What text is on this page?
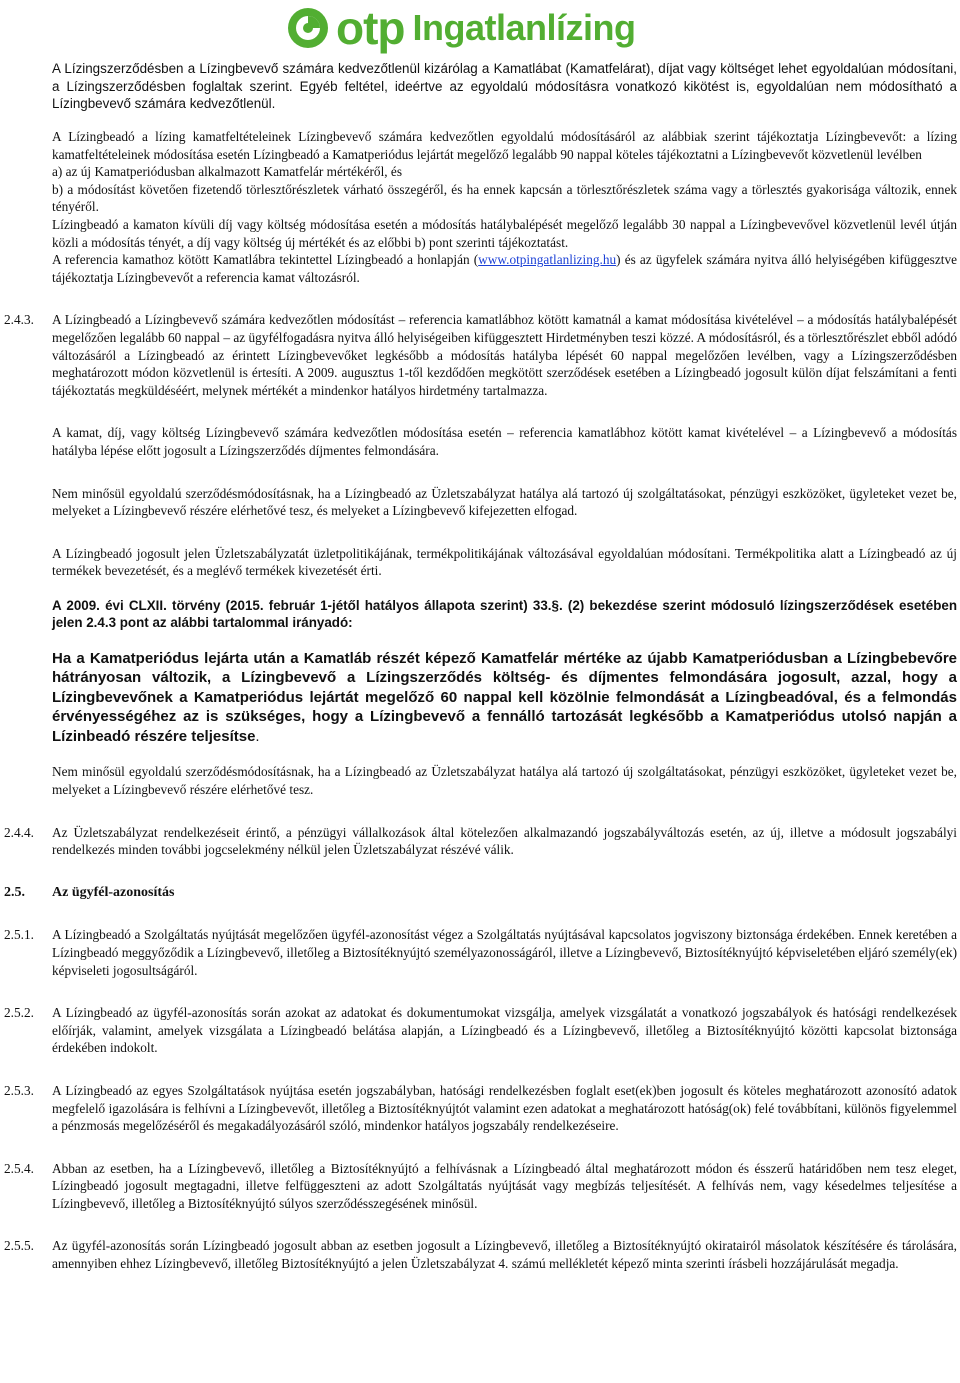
otp Ingatlanlízing

A Lízingszerződésben a Lízingbevevő számára kedvezőtlenül kizárólag a Kamatlábat (Kamatfelárat), díjat vagy költséget lehet egyoldalúan módosítani, a Lízingszerződésben foglaltak szerint. Egyéb feltétel, ideértve az egyoldalú módosításra vonatkozó kikötést is, egyoldalúan nem módosítható a Lízingbevevő számára kedvezőtlenül.

A Lízingbeadó a lízing kamatfeltételeinek Lízingbevevő számára kedvezőtlen egyoldalú módosításáról az alábbiak szerint tájékoztatja Lízingbevevőt: a lízing kamatfeltételeinek módosítása esetén Lízingbeadó a Kamatperiódus lejártát megelőző legalább 90 nappal köteles tájékoztatni a Lízingbevevőt közvetlenül levélben

a) az új Kamatperiódusban alkalmazott Kamatfelár mértékéről, és

b) a módosítást követően fizetendő törlesztőrészletek várható összegéről, és ha ennek kapcsán a törlesztőrészletek száma vagy a törlesztés gyakorisága változik, ennek tényéről.

Lízingbeadó a kamaton kívüli díj vagy költség módosítása esetén a módosítás hatálybalépését megelőző legalább 30 nappal a Lízingbevevővel közvetlenül levél útján közli a módosítás tényét, a díj vagy költség új mértékét és az előbbi b) pont szerinti tájékoztatást.

A referencia kamathoz kötött Kamatlábra tekintettel Lízingbeadó a honlapján (www.otpingatlanlizing.hu) és az ügyfelek számára nyitva álló helyiségében kifüggesztve tájékoztatja Lízingbevevőt a referencia kamat változásról.

2.4.3. A Lízingbeadó a Lízingbevevő számára kedvezőtlen módosítást – referencia kamatlábhoz kötött kamatnál a kamat módosítása kivételével – a módosítás hatálybalépését megelőzően legalább 60 nappal – az ügyfélfogadásra nyitva álló helyiségeiben kifüggesztett Hirdetményben teszi közzé. A módosításról, és a törlesztőrészlet ebből adódó változásáról a Lízingbeadó az érintett Lízingbevevőket legkésőbb a módosítás hatályba lépését 60 nappal megelőzően levélben, vagy a Lízingszerződésben meghatározott módon közvetlenül is értesíti. A 2009. augusztus 1-től kezdődően megkötött szerződések esetében a Lízingbeadó jogosult külön díjat felszámítani a fenti tájékoztatás megküldéséért, melynek mértékét a mindenkor hatályos hirdetmény tartalmazza.

A kamat, díj, vagy költség Lízingbevevő számára kedvezőtlen módosítása esetén – referencia kamatlábhoz kötött kamat kivételével – a Lízingbevevő a módosítás hatályba lépése előtt jogosult a Lízingszerződés díjmentes felmondására.

Nem minősül egyoldalú szerződésmódosításnak, ha a Lízingbeadó az Üzletszabályzat hatálya alá tartozó új szolgáltatásokat, pénzügyi eszközöket, ügyleteket vezet be, melyeket a Lízingbevevő részére elérhetővé tesz, és melyeket a Lízingbevevő kifejezetten elfogad.

A Lízingbeadó jogosult jelen Üzletszabályzatát üzletpolitikájának, termékpolitikájának változásával egyoldalúan módosítani. Termékpolitika alatt a Lízingbeadó az új termékek bevezetését, és a meglévő termékek kivezetését érti.

A 2009. évi CLXII. törvény (2015. február 1-jétől hatályos állapota szerint) 33.§. (2) bekezdése szerint módosuló lízingszerződések esetében jelen 2.4.3 pont az alábbi tartalommal irányadó:

Ha a Kamatperiódus lejárta után a Kamatláb részét képező Kamatfelár mértéke az újabb Kamatperiódusban a Lízingbebevőre hátrányosan változik, a Lízingbevevő a Lízingszerződés költség- és díjmentes felmondására jogosult, azzal, hogy a Lízingbevevőnek a Kamatperiódus lejártát megelőző 60 nappal kell közölnie felmondását a Lízingbeadóval, és a felmondás érvényességéhez az is szükséges, hogy a Lízingbevevő a fennálló tartozását legkésőbb a Kamatperiódus utolsó napján a Lízinbeadó részére teljesítse.

Nem minősül egyoldalú szerződésmódosításnak, ha a Lízingbeadó az Üzletszabályzat hatálya alá tartozó új szolgáltatásokat, pénzügyi eszközöket, ügyleteket vezet be, melyeket a Lízingbevevő részére elérhetővé tesz.

2.4.4. Az Üzletszabályzat rendelkezéseit érintő, a pénzügyi vállalkozások által kötelezően alkalmazandó jogszabályváltozás esetén, az új, illetve a módosult jogszabályi rendelkezés minden további jogcselekmény nélkül jelen Üzletszabályzat részévé válik.

2.5. Az ügyfél-azonosítás

2.5.1. A Lízingbeadó a Szolgáltatás nyújtását megelőzően ügyfél-azonosítást végez a Szolgáltatás nyújtásával kapcsolatos jogviszony biztonsága érdekében. Ennek keretében a Lízingbeadó meggyőződik a Lízingbevevő, illetőleg a Biztosítéknyújtó személyazonosságáról, illetve a Lízingbevevő, Biztosítéknyújtó képviseletében eljáró személy(ek) képviseleti jogosultságáról.

2.5.2. A Lízingbeadó az ügyfél-azonosítás során azokat az adatokat és dokumentumokat vizsgálja, amelyek vizsgálatát a vonatkozó jogszabályok és hatósági rendelkezések előírják, valamint, amelyek vizsgálata a Lízingbeadó belátása alapján, a Lízingbeadó és a Lízingbevevő, illetőleg a Biztosítéknyújtó közötti kapcsolat biztonsága érdekében indokolt.

2.5.3. A Lízingbeadó az egyes Szolgáltatások nyújtása esetén jogszabályban, hatósági rendelkezésben foglalt eset(ek)ben jogosult és köteles meghatározott azonosító adatok megfelelő igazolására is felhívni a Lízingbevevőt, illetőleg a Biztosítéknyújtót valamint ezen adatokat a meghatározott hatóság(ok) felé továbbítani, különös figyelemmel a pénzmosás megelőzéséről és megakadályozásáról szóló, mindenkor hatályos jogszabály rendelkezéseire.

2.5.4. Abban az esetben, ha a Lízingbevevő, illetőleg a Biztosítéknyújtó a felhívásnak a Lízingbeadó által meghatározott módon és ésszerű határidőben nem tesz eleget, Lízingbeadó jogosult megtagadni, illetve felfüggeszteni az adott Szolgáltatás nyújtását vagy megbízás teljesítését. A felhívás nem, vagy késedelmes teljesítése a Lízingbevevő, illetőleg a Biztosítéknyújtó súlyos szerződésszegésének minősül.

2.5.5. Az ügyfél-azonosítás során Lízingbeadó jogosult abban az esetben jogosult a Lízingbevevő, illetőleg a Biztosítéknyújtó okiratairól másolatok készítésére és tárolására, amennyiben ehhez Lízingbevevő, illetőleg Biztosítéknyújtó a jelen Üzletszabályzat 4. számú mellékletét képező minta szerinti írásbeli hozzájárulását megadja.
